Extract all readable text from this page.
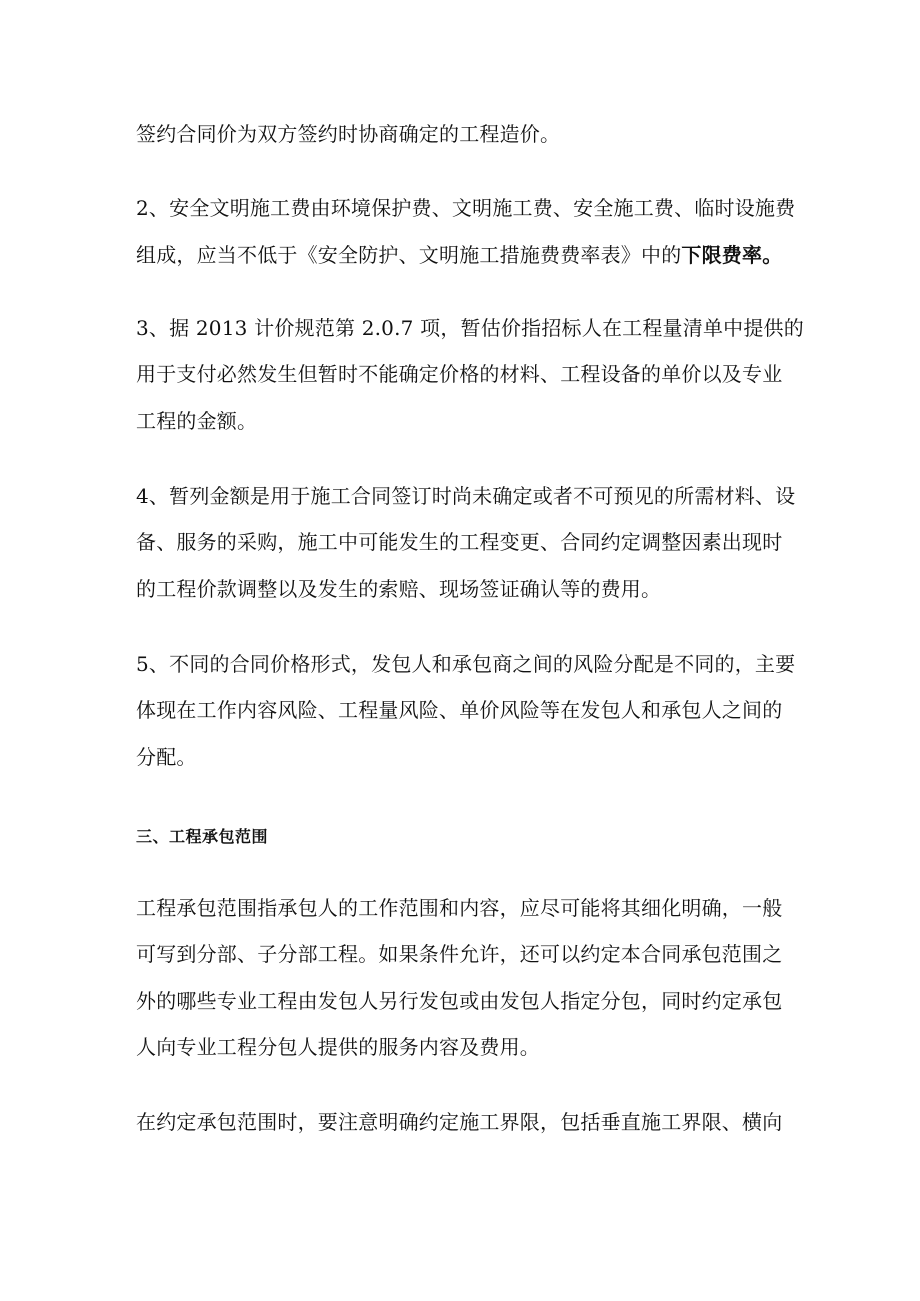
签约合同价为双方签约时协商确定的工程造价。

2、安全文明施工费由环境保护费、文明施工费、安全施工费、临时设施费

组成，应当不低于《安全防护、文明施工措施费费率表》中的下限费率。

3、据 2013 计价规范第 2.0.7 项，暂估价指招标人在工程量清单中提供的

用于支付必然发生但暂时不能确定价格的材料、工程设备的单价以及专业

工程的金额。

4、暂列金额是用于施工合同签订时尚未确定或者不可预见的所需材料、设

备、服务的采购，施工中可能发生的工程变更、合同约定调整因素出现时

的工程价款调整以及发生的索赔、现场签证确认等的费用。

5、不同的合同价格形式，发包人和承包商之间的风险分配是不同的，主要

体现在工作内容风险、工程量风险、单价风险等在发包人和承包人之间的

分配。

三、工程承包范围

工程承包范围指承包人的工作范围和内容，应尽可能将其细化明确，一般

可写到分部、子分部工程。如果条件允许，还可以约定本合同承包范围之

外的哪些专业工程由发包人另行发包或由发包人指定分包，同时约定承包

人向专业工程分包人提供的服务内容及费用。

在约定承包范围时，要注意明确约定施工界限，包括垂直施工界限、横向
